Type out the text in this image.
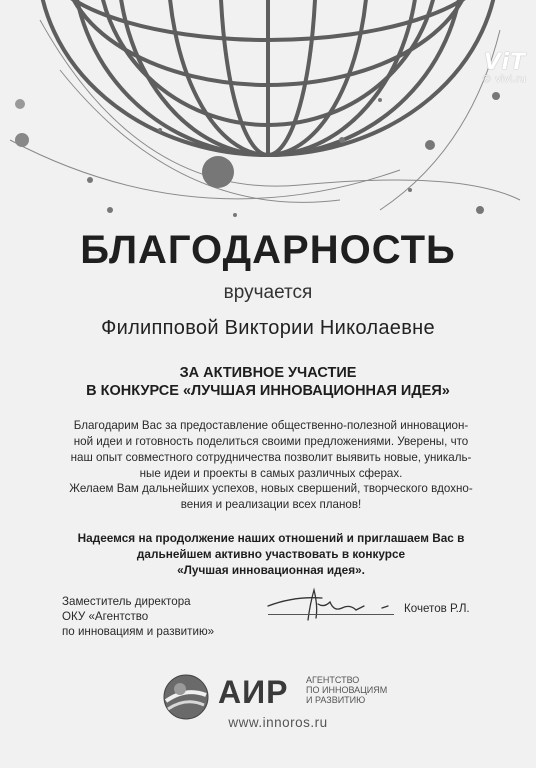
ViT
© vivi.ru
БЛАГОДАРНОСТЬ
вручается
Филипповой Виктории Николаевне
ЗА АКТИВНОЕ УЧАСТИЕ
В КОНКУРСЕ «ЛУЧШАЯ ИННОВАЦИОННАЯ ИДЕЯ»
Благодарим Вас за предоставление общественно-полезной инновацион-
ной идеи и готовность поделиться своими предложениями. Уверены, что
наш опыт совместного сотрудничества позволит выявить новые, уникаль-
ные идеи и проекты в самых различных сферах.
Желаем Вам дальнейших успехов, новых свершений, творческого вдохно-
вения и реализации всех планов!
Надеемся на продолжение наших отношений и приглашаем Вас в
дальнейшем активно участвовать в конкурсе
«Лучшая инновационная идея».
Заместитель директора
ОКУ «Агентство
по инновациям и развитию»
Кочетов Р.Л.
АИР АГЕНТСТВО
ПО ИННОВАЦИЯМ
И РАЗВИТИЮ
www.innoros.ru
